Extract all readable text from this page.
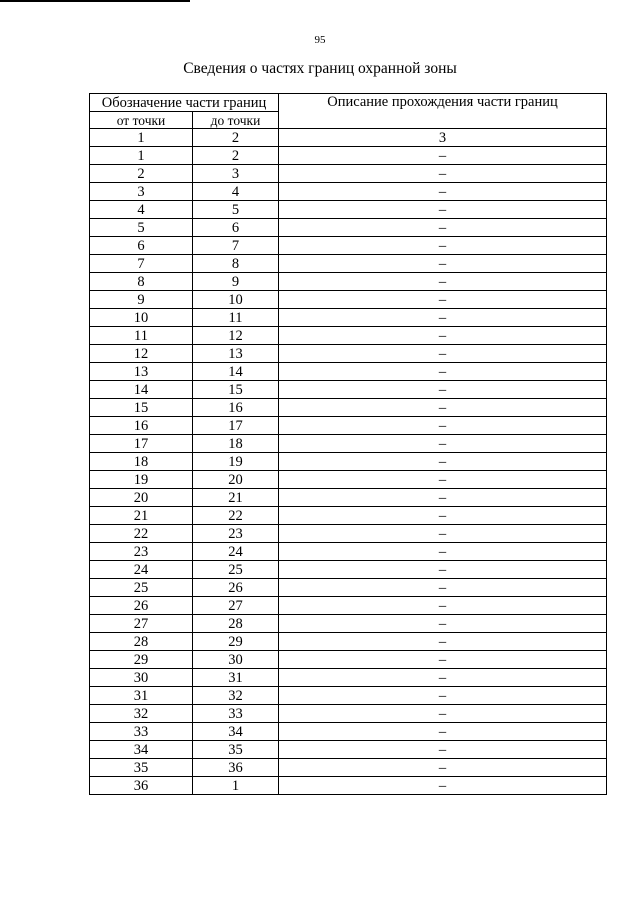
95
Сведения о частях границ охранной зоны
Обозначение части границ		Описание прохождения части границ
от точки	до точки	
1	2	3
1	2	–
2	3	–
3	4	–
4	5	–
5	6	–
6	7	–
7	8	–
8	9	–
9	10	–
10	11	–
11	12	–
12	13	–
13	14	–
14	15	–
15	16	–
16	17	–
17	18	–
18	19	–
19	20	–
20	21	–
21	22	–
22	23	–
23	24	–
24	25	–
25	26	–
26	27	–
27	28	–
28	29	–
29	30	–
30	31	–
31	32	–
32	33	–
33	34	–
34	35	–
35	36	–
36	1	–
